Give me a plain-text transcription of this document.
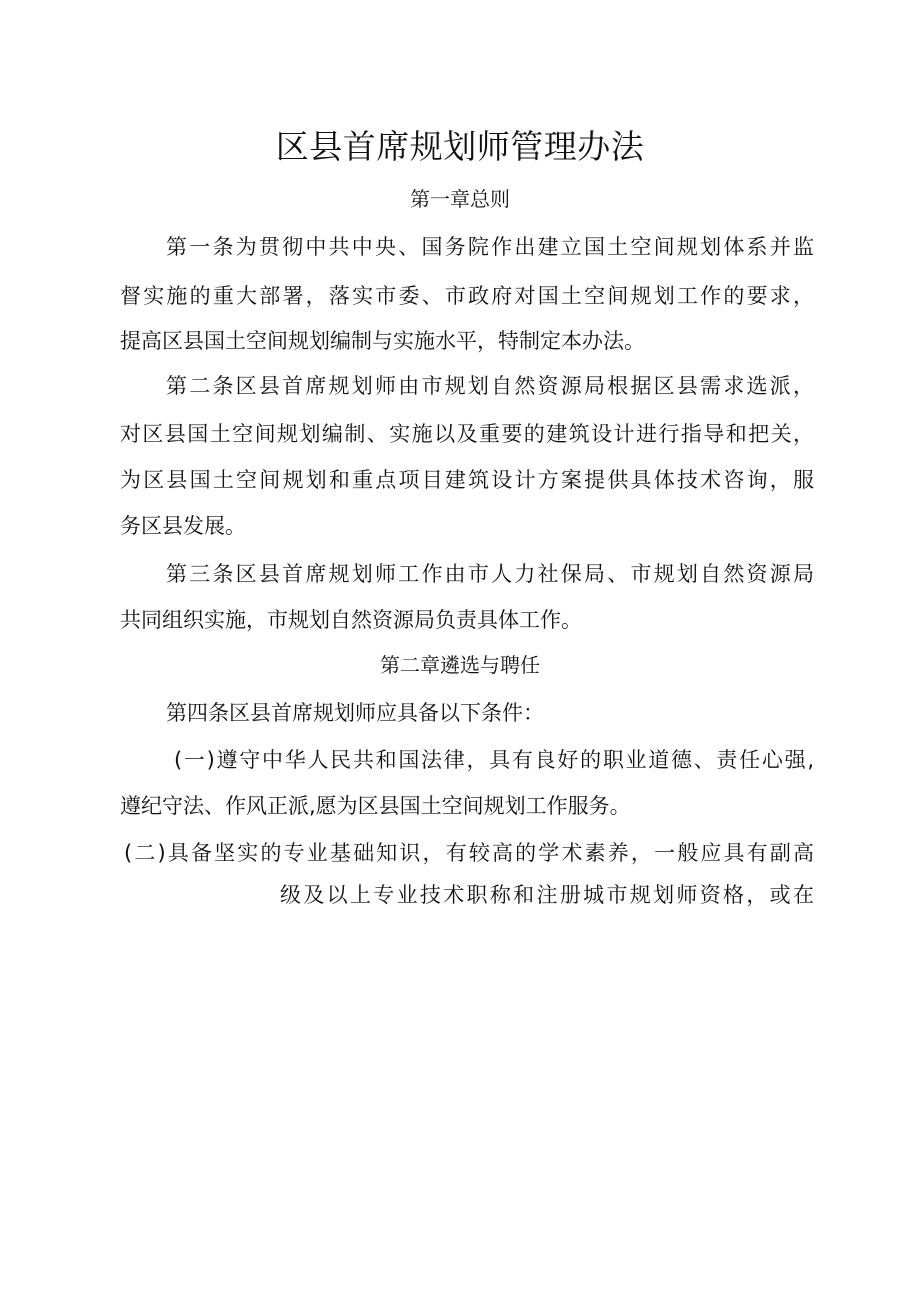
区县首席规划师管理办法
第一章总则
第一条为贯彻中共中央、国务院作出建立国土空间规划体系并监
督实施的重大部署，落实市委、市政府对国土空间规划工作的要求，
提高区县国土空间规划编制与实施水平，特制定本办法。
第二条区县首席规划师由市规划自然资源局根据区县需求选派，
对区县国土空间规划编制、实施以及重要的建筑设计进行指导和把关，
为区县国土空间规划和重点项目建筑设计方案提供具体技术咨询，服
务区县发展。
第三条区县首席规划师工作由市人力社保局、市规划自然资源局
共同组织实施，市规划自然资源局负责具体工作。
第二章遴选与聘任
第四条区县首席规划师应具备以下条件：
(一)遵守中华人民共和国法律，具有良好的职业道德、责任心强,
遵纪守法、作风正派,愿为区县国土空间规划工作服务。
(二)具备坚实的专业基础知识，有较高的学术素养，一般应具有副高
级及以上专业技术职称和注册城市规划师资格，或在
